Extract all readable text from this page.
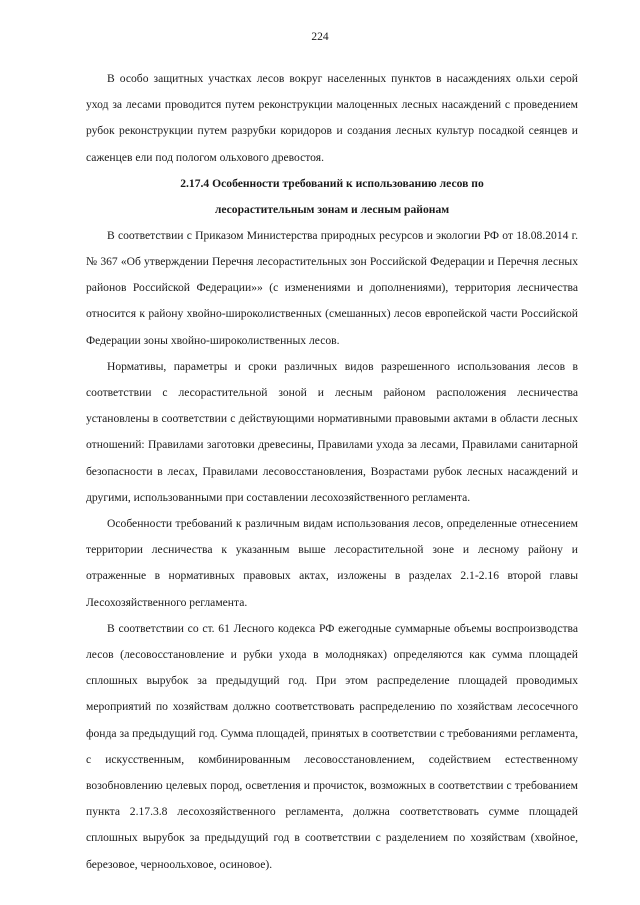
224

В особо защитных участках лесов вокруг населенных пунктов в насаждениях ольхи серой уход за лесами проводится путем реконструкции малоценных лесных насаждений с проведением рубок реконструкции путем разрубки коридоров и создания лесных культур посадкой сеянцев и саженцев ели под пологом ольхового древостоя.

2.17.4 Особенности требований к использованию лесов по
лесорастительным зонам и лесным районам

В соответствии с Приказом Министерства природных ресурсов и экологии РФ от 18.08.2014 г. № 367 «Об утверждении Перечня лесорастительных зон Российской Федерации и Перечня лесных районов Российской Федерации»» (с изменениями и дополнениями), территория лесничества относится к району хвойно-широколиственных (смешанных) лесов европейской части Российской Федерации зоны хвойно-широколиственных лесов.

Нормативы, параметры и сроки различных видов разрешенного использования лесов в соответствии с лесорастительной зоной и лесным районом расположения лесничества установлены в соответствии с действующими нормативными правовыми актами в области лесных отношений: Правилами заготовки древесины, Правилами ухода за лесами, Правилами санитарной безопасности в лесах, Правилами лесовосстановления, Возрастами рубок лесных насаждений и другими, использованными при составлении лесохозяйственного регламента.

Особенности требований к различным видам использования лесов, определенные отнесением территории лесничества к указанным выше лесорастительной зоне и лесному району и отраженные в нормативных правовых актах, изложены в разделах 2.1-2.16 второй главы Лесохозяйственного регламента.

В соответствии со ст. 61 Лесного кодекса РФ ежегодные суммарные объемы воспроизводства лесов (лесовосстановление и рубки ухода в молодняках) определяются как сумма площадей сплошных вырубок за предыдущий год. При этом распределение площадей проводимых мероприятий по хозяйствам должно соответствовать распределению по хозяйствам лесосечного фонда за предыдущий год. Сумма площадей, принятых в соответствии с требованиями регламента, с искусственным, комбинированным лесовосстановлением, содействием естественному возобновлению целевых пород, осветления и прочисток, возможных в соответствии с требованием пункта 2.17.3.8 лесохозяйственного регламента, должна соответствовать сумме площадей сплошных вырубок за предыдущий год в соответствии с разделением по хозяйствам (хвойное, березовое, черноольховое, осиновое).
